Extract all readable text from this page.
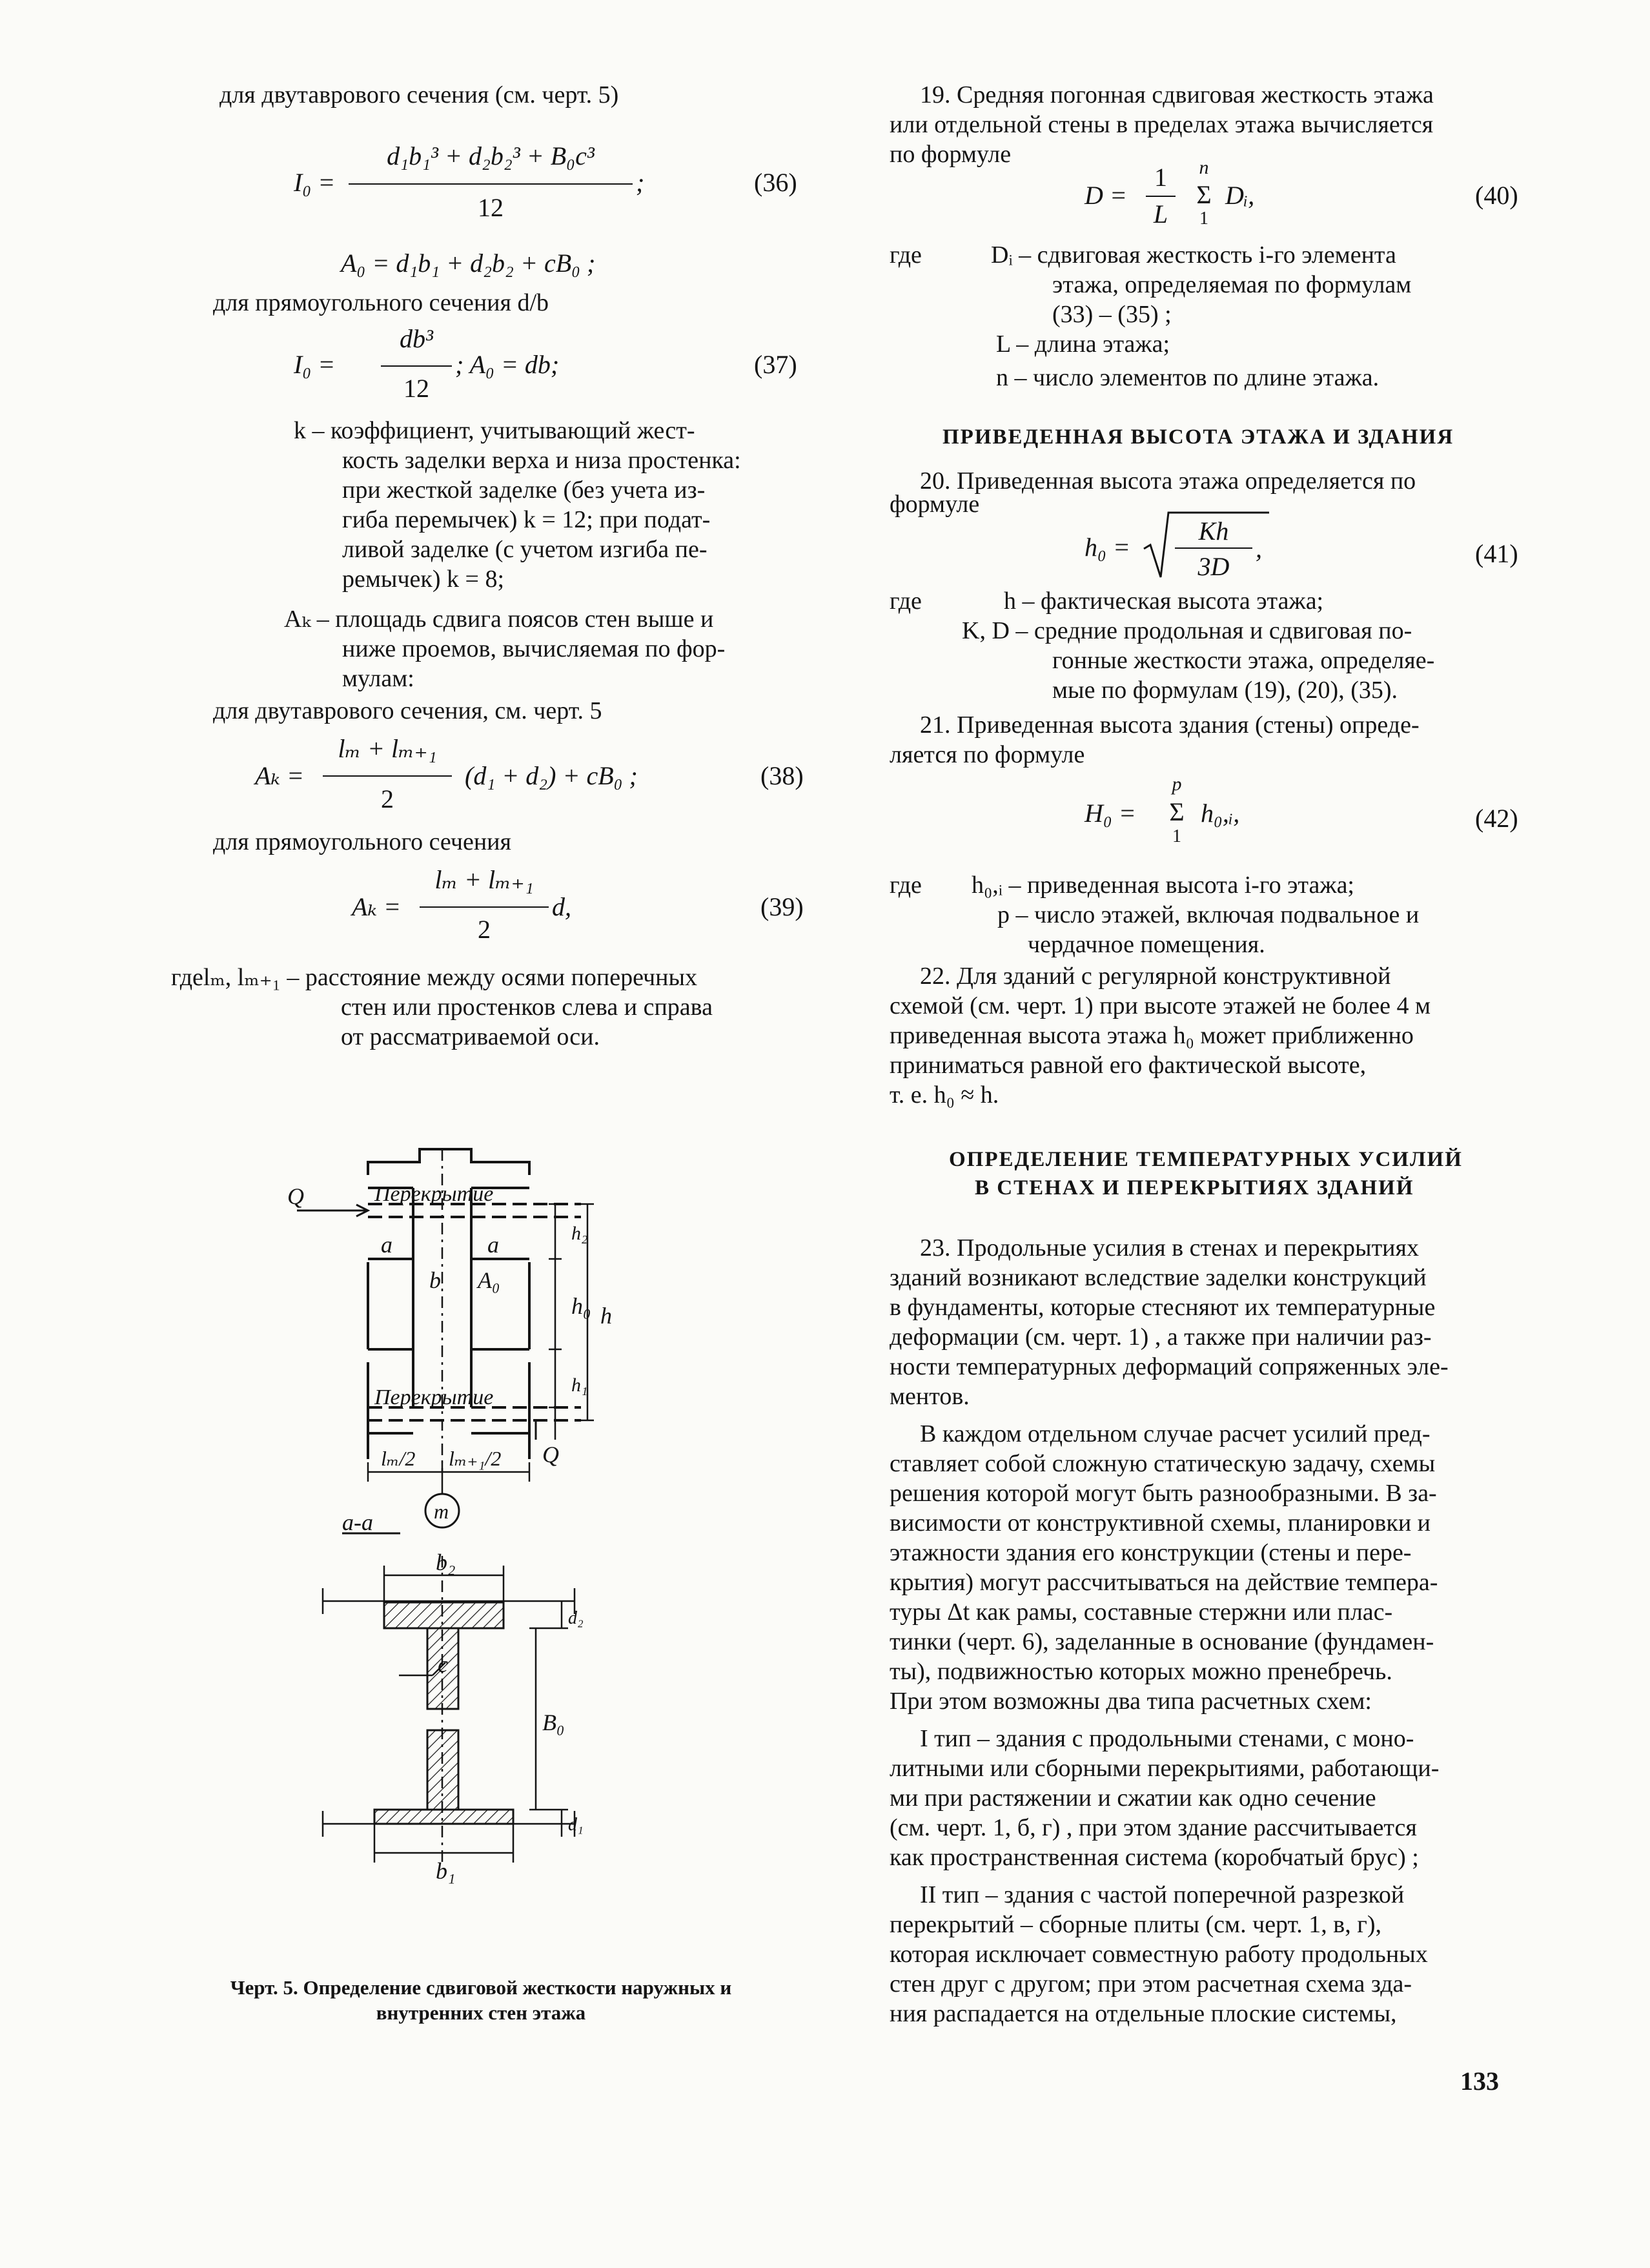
для двутаврового сечения (см. черт. 5)
I₀ =
d₁b₁³ + d₂b₂³ + B₀c³
12
;	(36)
A₀ = d₁b₁ + d₂b₂ + cB₀ ;
для прямоугольного сечения d/b
I₀ =
db³
12
; A₀ = db;	(37)
k – коэффициент, учитывающий жест-
кость заделки верха и низа простенка:
при жесткой заделке (без учета из-
гиба перемычек) k = 12; при подат-
ливой заделке (с учетом изгиба пе-
ремычек) k = 8;
Aₖ – площадь сдвига поясов стен выше и
ниже проемов, вычисляемая по фор-
мулам:
для двутаврового сечения, см. черт. 5
Aₖ =
lₘ + lₘ₊₁
2
(d₁ + d₂) + cB₀ ;	(38)
для прямоугольного сечения
Aₖ =
lₘ + lₘ₊₁
2
d,	(39)
гдеlₘ, lₘ₊₁ – расстояние между осями поперечных
стен или простенков слева и справа
от рассматриваемой оси.
Q	Перекрытие
a	a
b A₀
h₂
h₀ h
h₁
Перекрытие
Q
lₘ/2 lₘ₊₁/2
m
a-a
b₂
d₂
c
B₀
d₁
b₁
Черт. 5. Определение сдвиговой жесткости наружных и
внутренних стен этажа
19. Средняя погонная сдвиговая жесткость этажа
или отдельной стены в пределах этажа вычисляется
по формуле
D =
1
L
n
Σ
1
Dᵢ,	(40)
где	Dᵢ – сдвиговая жесткость i-го элемента
этажа, определяемая по формулам
(33) – (35) ;
L – длина этажа;
n – число элементов по длине этажа.
ПРИВЕДЕННАЯ ВЫСОТА ЭТАЖА И ЗДАНИЯ
20. Приведенная высота этажа определяется по
формуле
h₀ =
Kh
3D
,	(41)
где	h – фактическая высота этажа;
K, D – средние продольная и сдвиговая по-
гонные жесткости этажа, определяе-
мые по формулам (19), (20), (35).
21. Приведенная высота здания (стены) опреде-
ляется по формуле
H₀ =
p
Σ
1
h₀,ᵢ,	(42)
где h₀,ᵢ – приведенная высота i-го этажа;
p – число этажей, включая подвальное и
чердачное помещения.
22. Для зданий с регулярной конструктивной
схемой (см. черт. 1) при высоте этажей не более 4 м
приведенная высота этажа h₀ может приближенно
приниматься равной его фактической высоте,
т. е. h₀ ≈ h.
ОПРЕДЕЛЕНИЕ ТЕМПЕРАТУРНЫХ УСИЛИЙ
В СТЕНАХ И ПЕРЕКРЫТИЯХ ЗДАНИЙ
23. Продольные усилия в стенах и перекрытиях
зданий возникают вследствие заделки конструкций
в фундаменты, которые стесняют их температурные
деформации (см. черт. 1) , а также при наличии раз-
ности температурных деформаций сопряженных эле-
ментов.
В каждом отдельном случае расчет усилий пред-
ставляет собой сложную статическую задачу, схемы
решения которой могут быть разнообразными. В за-
висимости от конструктивной схемы, планировки и
этажности здания его конструкции (стены и пере-
крытия) могут рассчитываться на действие темпера-
туры Δt как рамы, составные стержни или плас-
тинки (черт. 6), заделанные в основание (фундамен-
ты), подвижностью которых можно пренебречь.
При этом возможны два типа расчетных схем:
I тип – здания с продольными стенами, с моно-
литными или сборными перекрытиями, работающи-
ми при растяжении и сжатии как одно сечение
(см. черт. 1, б, г) , при этом здание рассчитывается
как пространственная система (коробчатый брус) ;
II тип – здания с частой поперечной разрезкой
перекрытий – сборные плиты (см. черт. 1, в, г),
которая исключает совместную работу продольных
стен друг с другом; при этом расчетная схема зда-
ния распадается на отдельные плоские системы,
133
